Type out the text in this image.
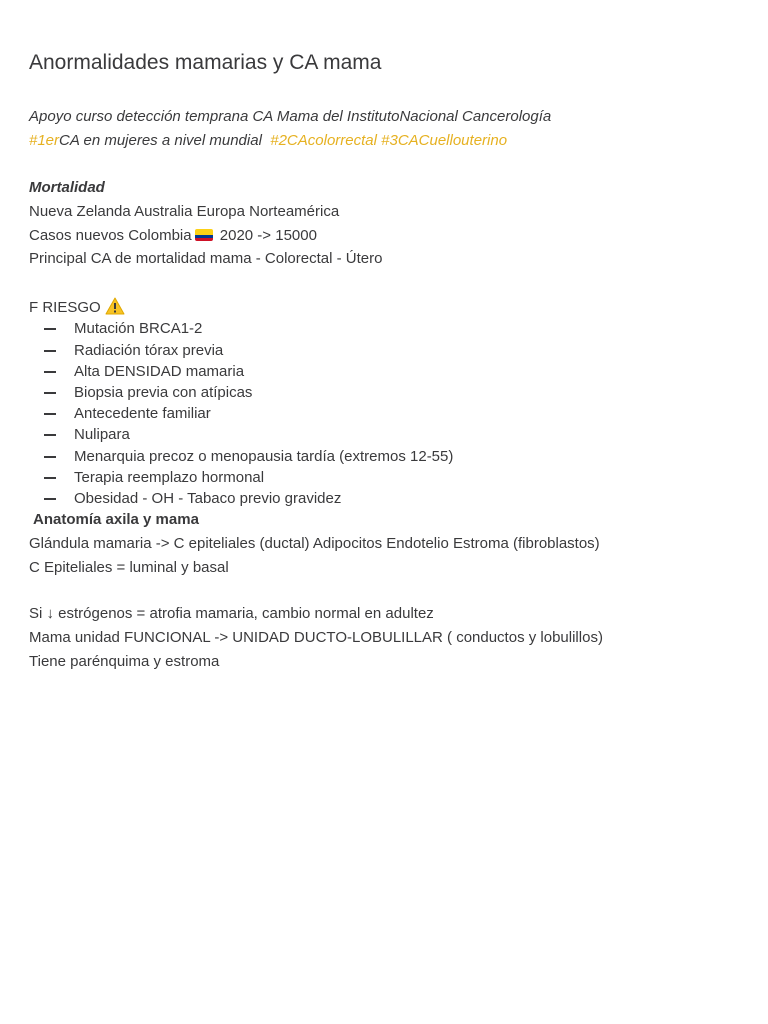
Anormalidades mamarias y CA mama
Apoyo curso detección temprana CA Mama del InstitutoNacional Cancerología
#1erCA en mujeres a nivel mundial #2CAcolorrectal #3CACuellouterino
Mortalidad
Nueva Zelanda Australia Europa Norteamérica
Casos nuevos Colombia 2020 -> 15000
Principal CA de mortalidad mama - Colorectal - Útero
F RIESGO
Mutación BRCA1-2
Radiación tórax previa
Alta DENSIDAD mamaria
Biopsia previa con atípicas
Antecedente familiar
Nulipara
Menarquia precoz o menopausia tardía (extremos 12-55)
Terapia reemplazo hormonal
Obesidad - OH - Tabaco previo gravidez
Anatomía axila y mama
Glándula mamaria -> C epiteliales (ductal) Adipocitos Endotelio Estroma (fibroblastos)
C Epiteliales = luminal y basal
Si ↓ estrógenos = atrofia mamaria, cambio normal en adultez
Mama unidad FUNCIONAL -> UNIDAD DUCTO-LOBULILLAR ( conductos y lobulillos)
Tiene parénquima y estroma
